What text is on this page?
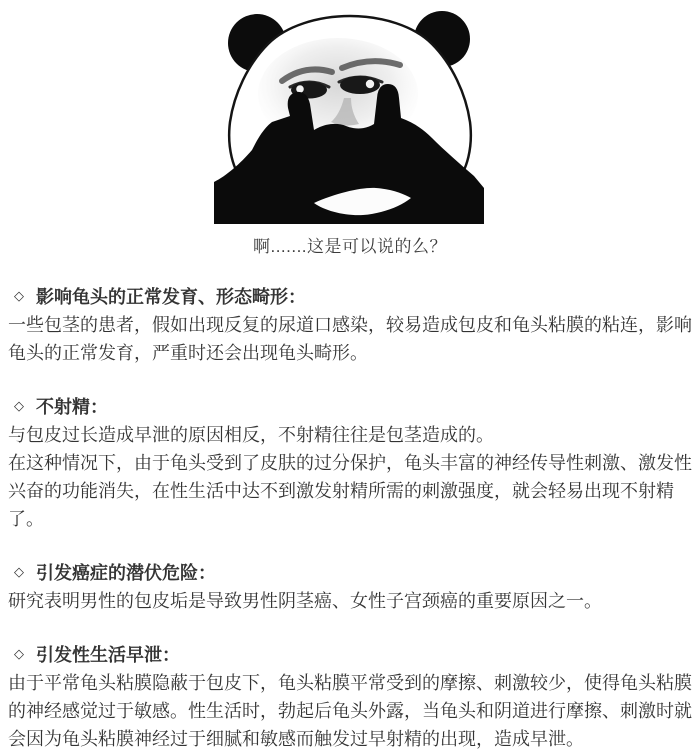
啊.......这是可以说的么？
◇ 影响龟头的正常发育、形态畸形：

一些包茎的患者，假如出现反复的尿道口感染，较易造成包皮和龟头粘膜的粘连，影响龟头的正常发育，严重时还会出现龟头畸形。

◇ 不射精：

与包皮过长造成早泄的原因相反，不射精往往是包茎造成的。

在这种情况下，由于龟头受到了皮肤的过分保护，龟头丰富的神经传导性刺激、激发性兴奋的功能消失，在性生活中达不到激发射精所需的刺激强度，就会轻易出现不射精了。

◇ 引发癌症的潜伏危险：

研究表明男性的包皮垢是导致男性阴茎癌、女性子宫颈癌的重要原因之一。

◇ 引发性生活早泄：

由于平常龟头粘膜隐蔽于包皮下，龟头粘膜平常受到的摩擦、刺激较少，使得龟头粘膜的神经感觉过于敏感。性生活时，勃起后龟头外露，当龟头和阴道进行摩擦、刺激时就会因为龟头粘膜神经过于细腻和敏感而触发过早射精的出现，造成早泄。
